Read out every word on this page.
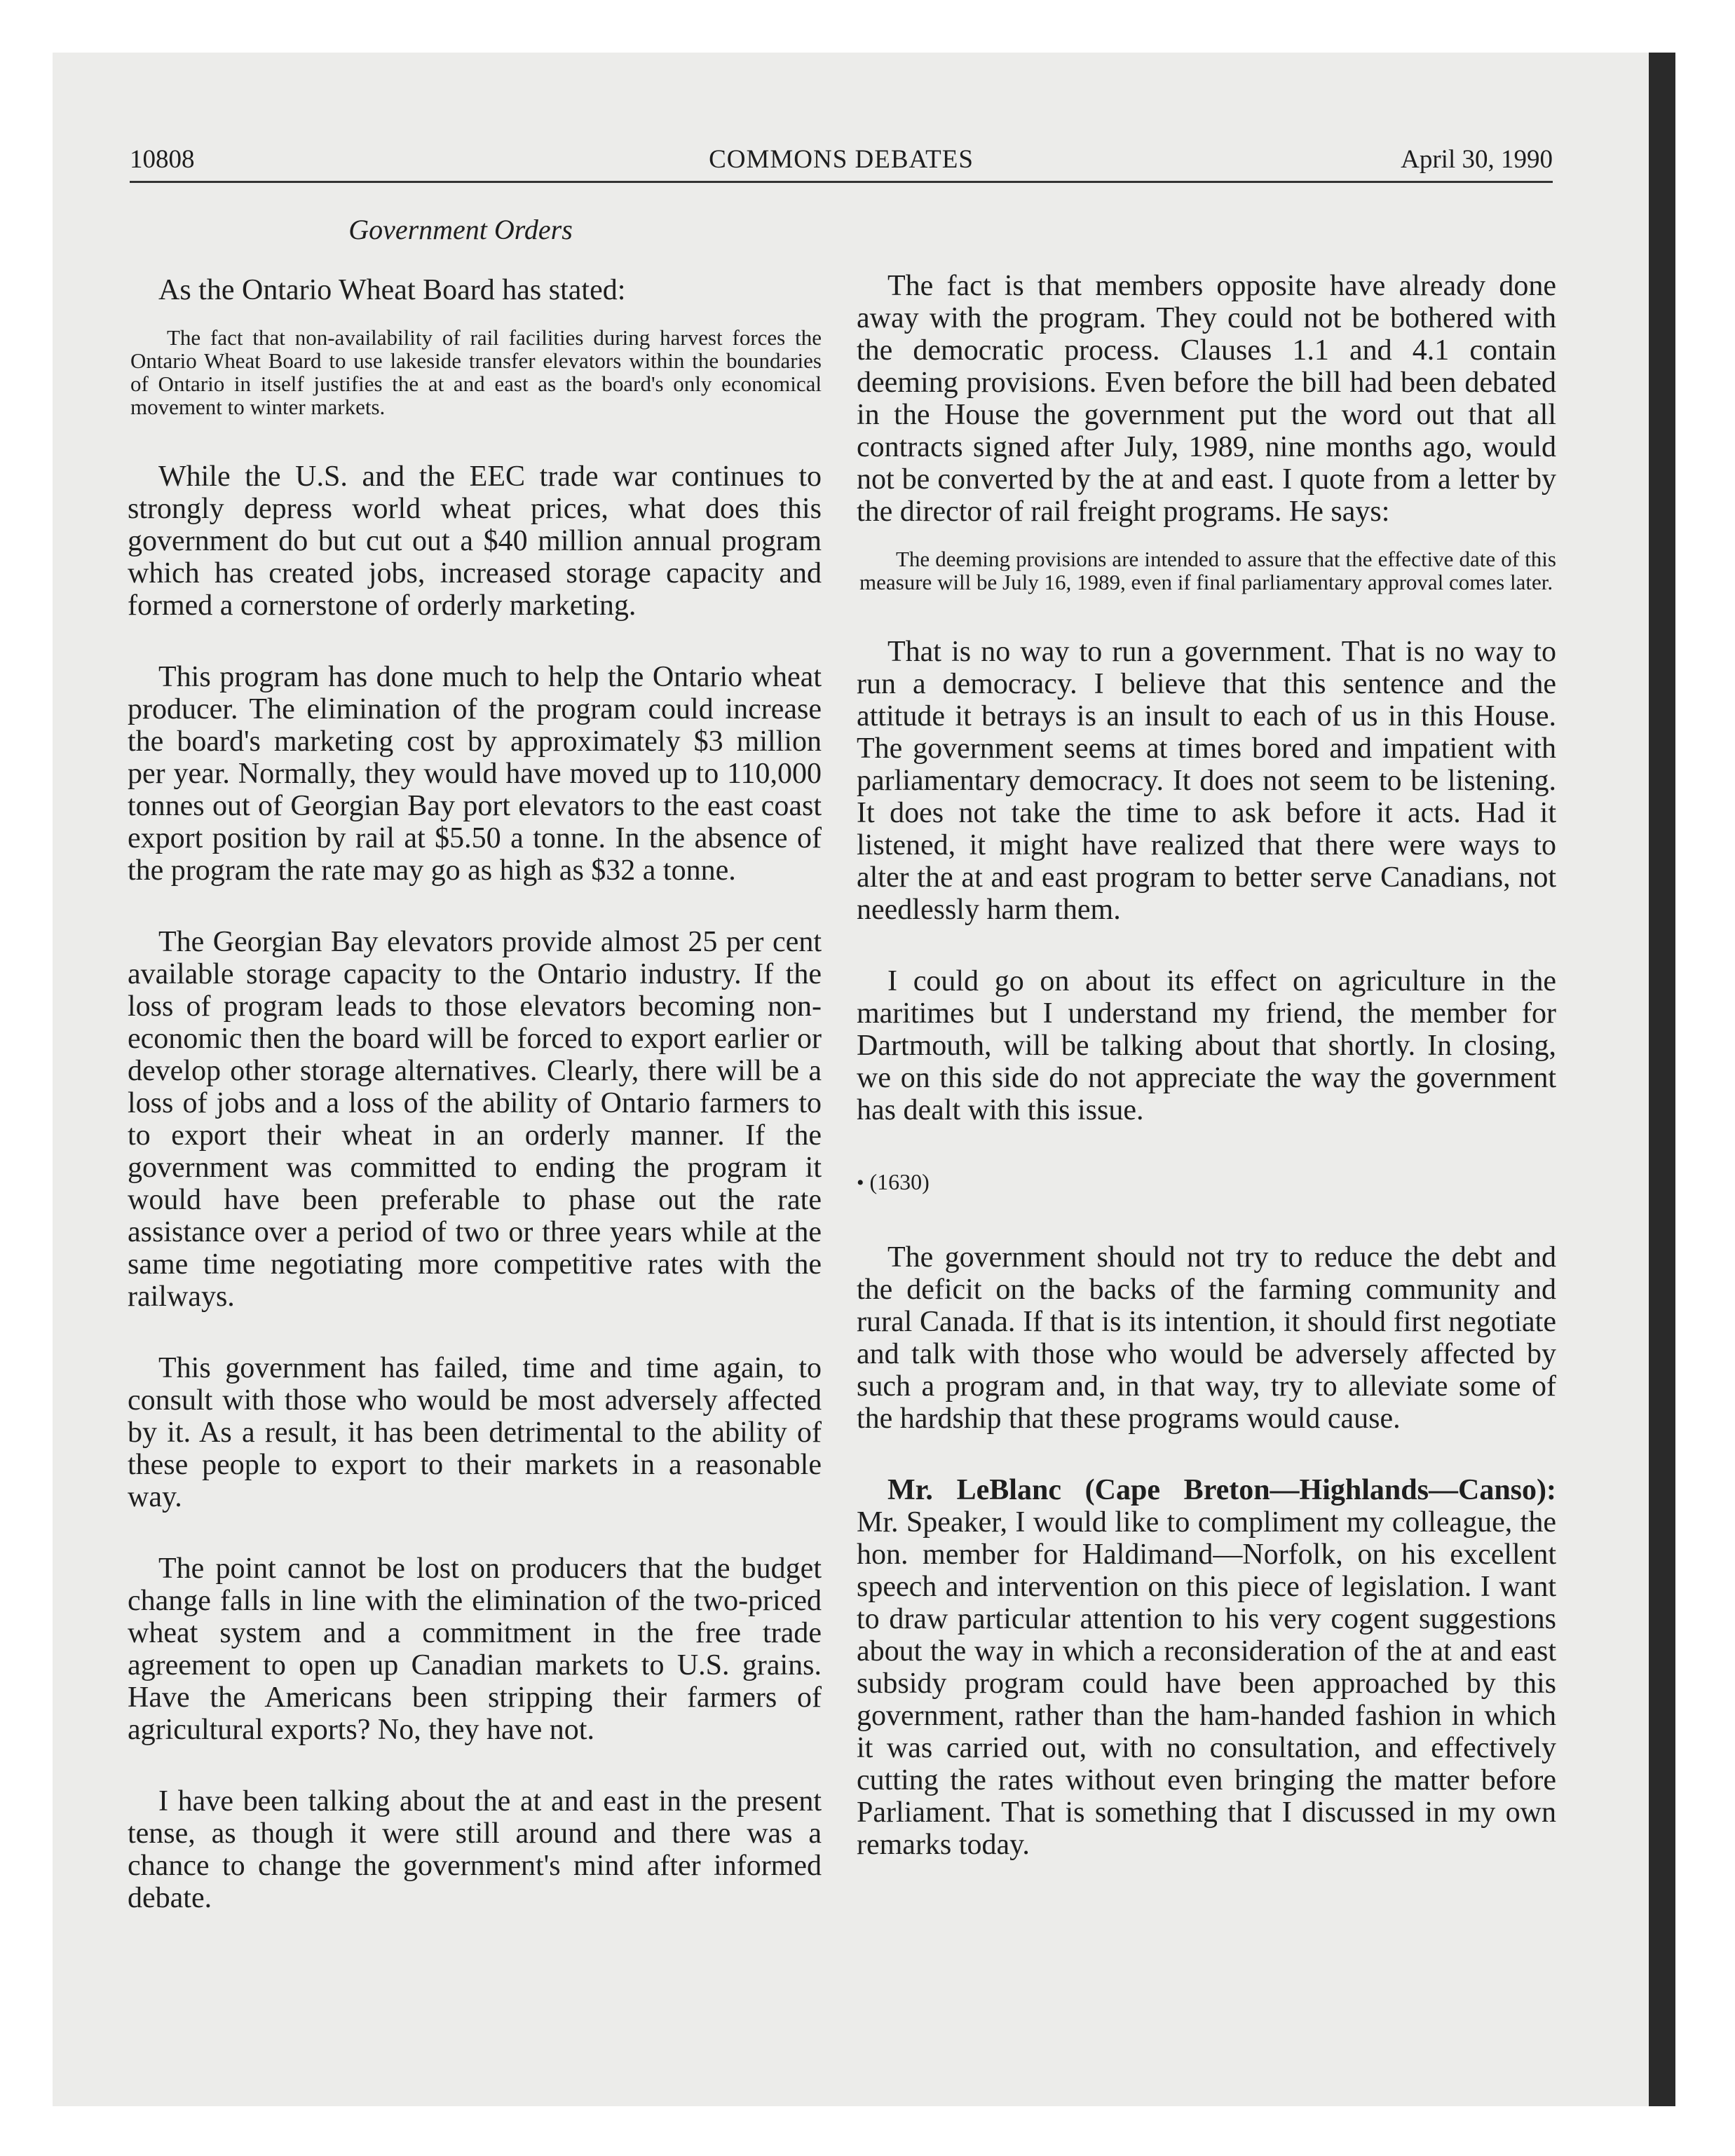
10808	COMMONS DEBATES	April 30, 1990
Government Orders

As the Ontario Wheat Board has stated:

The fact that non-availability of rail facilities during harvest forces the Ontario Wheat Board to use lakeside transfer elevators within the boundaries of Ontario in itself justifies the at and east as the board's only economical movement to winter markets.

While the U.S. and the EEC trade war continues to strongly depress world wheat prices, what does this government do but cut out a $40 million annual program which has created jobs, increased storage capacity and formed a cornerstone of orderly marketing.

This program has done much to help the Ontario wheat producer. The elimination of the program could increase the board's marketing cost by approximately $3 million per year. Normally, they would have moved up to 110,000 tonnes out of Georgian Bay port elevators to the east coast export position by rail at $5.50 a tonne. In the absence of the program the rate may go as high as $32 a tonne.

The Georgian Bay elevators provide almost 25 per cent available storage capacity to the Ontario industry. If the loss of program leads to those elevators becoming non-economic then the board will be forced to export earlier or develop other storage alternatives. Clearly, there will be a loss of jobs and a loss of the ability of Ontario farmers to to export their wheat in an orderly manner. If the government was committed to ending the program it would have been preferable to phase out the rate assistance over a period of two or three years while at the same time negotiating more competitive rates with the railways.

This government has failed, time and time again, to consult with those who would be most adversely affected by it. As a result, it has been detrimental to the ability of these people to export to their markets in a reasonable way.

The point cannot be lost on producers that the budget change falls in line with the elimination of the two-priced wheat system and a commitment in the free trade agreement to open up Canadian markets to U.S. grains. Have the Americans been stripping their farmers of agricultural exports? No, they have not.

I have been talking about the at and east in the present tense, as though it were still around and there was a chance to change the government's mind after informed debate.

The fact is that members opposite have already done away with the program. They could not be bothered with the democratic process. Clauses 1.1 and 4.1 contain deeming provisions. Even before the bill had been debated in the House the government put the word out that all contracts signed after July, 1989, nine months ago, would not be converted by the at and east. I quote from a letter by the director of rail freight programs. He says:

The deeming provisions are intended to assure that the effective date of this measure will be July 16, 1989, even if final parliamentary approval comes later.

That is no way to run a government. That is no way to run a democracy. I believe that this sentence and the attitude it betrays is an insult to each of us in this House. The government seems at times bored and impatient with parliamentary democracy. It does not seem to be listening. It does not take the time to ask before it acts. Had it listened, it might have realized that there were ways to alter the at and east program to better serve Canadians, not needlessly harm them.

I could go on about its effect on agriculture in the maritimes but I understand my friend, the member for Dartmouth, will be talking about that shortly. In closing, we on this side do not appreciate the way the government has dealt with this issue.

• (1630)

The government should not try to reduce the debt and the deficit on the backs of the farming community and rural Canada. If that is its intention, it should first negotiate and talk with those who would be adversely affected by such a program and, in that way, try to alleviate some of the hardship that these programs would cause.

Mr. LeBlanc (Cape Breton—Highlands—Canso): Mr. Speaker, I would like to compliment my colleague, the hon. member for Haldimand—Norfolk, on his excellent speech and intervention on this piece of legislation. I want to draw particular attention to his very cogent suggestions about the way in which a reconsideration of the at and east subsidy program could have been approached by this government, rather than the ham-handed fashion in which it was carried out, with no consultation, and effectively cutting the rates without even bringing the matter before Parliament. That is something that I discussed in my own remarks today.
